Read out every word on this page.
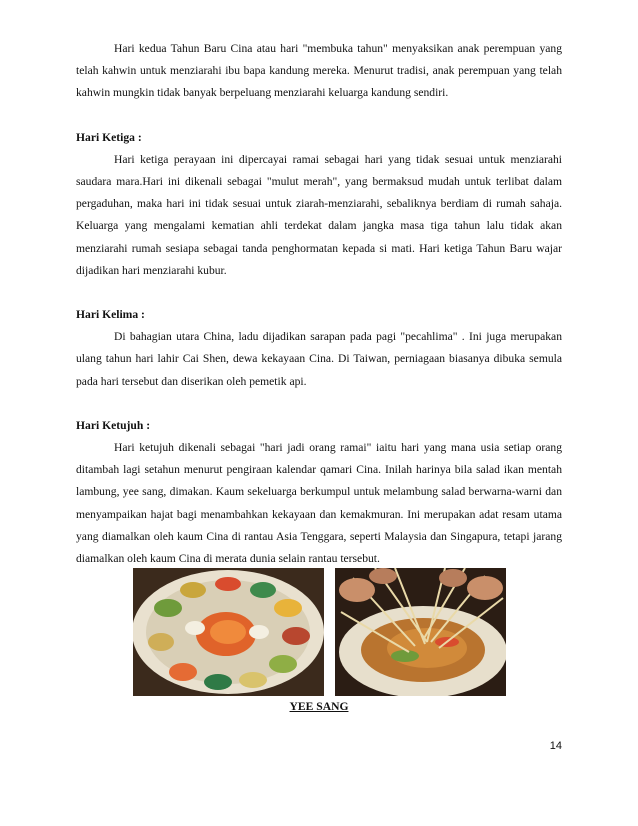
Hari kedua Tahun Baru Cina atau hari "membuka tahun" menyaksikan anak perempuan yang telah kahwin untuk menziarahi ibu bapa kandung mereka. Menurut tradisi, anak perempuan yang telah kahwin mungkin tidak banyak berpeluang menziarahi keluarga kandung sendiri.

Hari Ketiga :

Hari ketiga perayaan ini dipercayai ramai sebagai hari yang tidak sesuai untuk menziarahi saudara mara.Hari ini dikenali sebagai "mulut merah", yang bermaksud mudah untuk terlibat dalam pergaduhan, maka hari ini tidak sesuai untuk ziarah-menziarahi, sebaliknya berdiam di rumah sahaja. Keluarga yang mengalami kematian ahli terdekat dalam jangka masa tiga tahun lalu tidak akan menziarahi rumah sesiapa sebagai tanda penghormatan kepada si mati. Hari ketiga Tahun Baru wajar dijadikan hari menziarahi kubur.

Hari Kelima :

Di bahagian utara China, ladu dijadikan sarapan pada pagi "pecahlima" . Ini juga merupakan ulang tahun hari lahir Cai Shen, dewa kekayaan Cina. Di Taiwan, perniagaan biasanya dibuka semula pada hari tersebut dan diserikan oleh pemetik api.

Hari Ketujuh :

Hari ketujuh dikenali sebagai "hari jadi orang ramai" iaitu hari yang mana usia setiap orang ditambah lagi setahun menurut pengiraan kalendar qamari Cina. Inilah harinya bila salad ikan mentah lambung, yee sang, dimakan. Kaum sekeluarga berkumpul untuk melambung salad berwarna-warni dan menyampaikan hajat bagi menambahkan kekayaan dan kemakmuran. Ini merupakan adat resam utama yang diamalkan oleh kaum Cina di rantau Asia Tenggara, seperti Malaysia dan Singapura, tetapi jarang diamalkan oleh kaum Cina di merata dunia selain rantau tersebut.

YEE SANG
14
